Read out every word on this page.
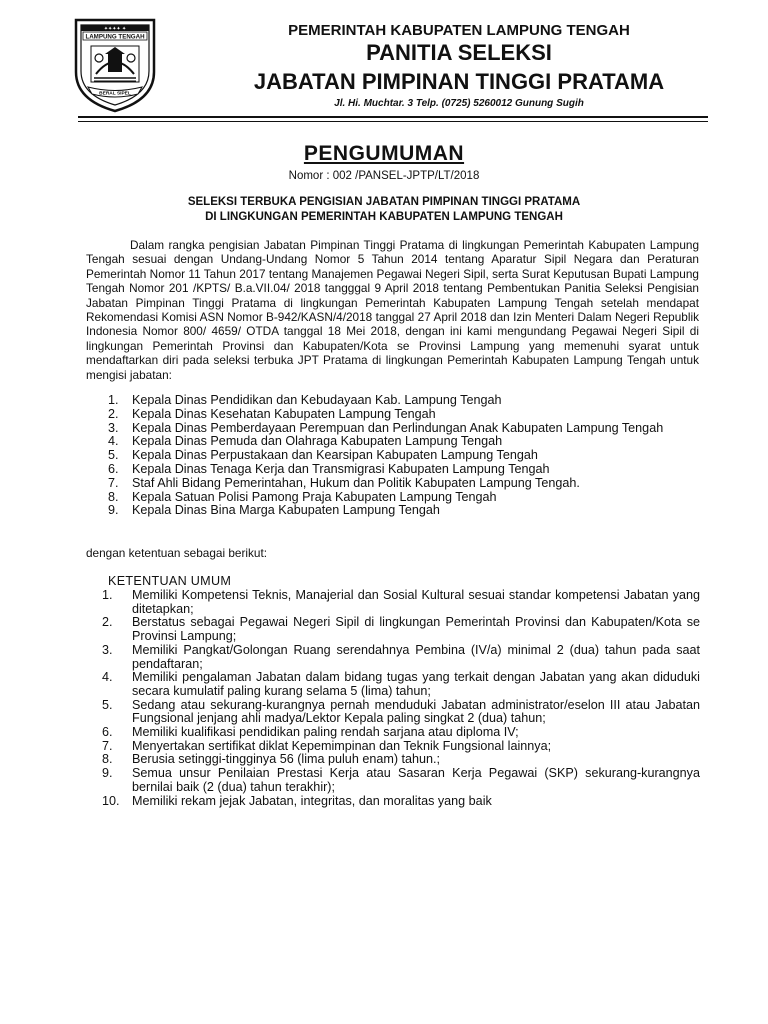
✦✦✦✦ ✦
LAMPUNG TENGAH
BERAL SIPEL
PEMERINTAH KABUPATEN LAMPUNG TENGAH
PANITIA SELEKSI
JABATAN PIMPINAN TINGGI PRATAMA
Jl. Hi. Muchtar. 3 Telp. (0725) 5260012 Gunung Sugih
PENGUMUMAN
Nomor : 002 /PANSEL-JPTP/LT/2018
SELEKSI TERBUKA PENGISIAN JABATAN PIMPINAN TINGGI PRATAMA
DI LINGKUNGAN PEMERINTAH KABUPATEN LAMPUNG TENGAH
Dalam rangka pengisian Jabatan Pimpinan Tinggi Pratama di lingkungan Pemerintah Kabupaten Lampung Tengah sesuai dengan Undang-Undang Nomor 5 Tahun 2014 tentang Aparatur Sipil Negara dan Peraturan Pemerintah Nomor 11 Tahun 2017 tentang Manajemen Pegawai Negeri Sipil, serta Surat Keputusan Bupati Lampung Tengah Nomor 201 /KPTS/ B.a.VII.04/ 2018 tangggal 9 April 2018 tentang Pembentukan Panitia Seleksi Pengisian Jabatan Pimpinan Tinggi Pratama di lingkungan Pemerintah Kabupaten Lampung Tengah setelah mendapat Rekomendasi Komisi ASN Nomor B-942/KASN/4/2018 tanggal 27 April 2018 dan Izin Menteri Dalam Negeri Republik Indonesia Nomor 800/ 4659/ OTDA tanggal 18 Mei 2018, dengan ini kami mengundang Pegawai Negeri Sipil di lingkungan Pemerintah Provinsi dan Kabupaten/Kota se Provinsi Lampung yang memenuhi syarat untuk mendaftarkan diri pada seleksi terbuka JPT Pratama di lingkungan Pemerintah Kabupaten Lampung Tengah untuk mengisi jabatan:
1.	Kepala Dinas Pendidikan dan Kebudayaan Kab. Lampung Tengah
2.	Kepala Dinas Kesehatan Kabupaten Lampung Tengah
3.	Kepala Dinas Pemberdayaan Perempuan dan Perlindungan Anak Kabupaten Lampung Tengah
4.	Kepala Dinas Pemuda dan Olahraga Kabupaten Lampung Tengah
5.	Kepala Dinas Perpustakaan dan Kearsipan Kabupaten Lampung Tengah
6.	Kepala Dinas Tenaga Kerja dan Transmigrasi Kabupaten Lampung Tengah
7.	Staf Ahli Bidang Pemerintahan, Hukum dan Politik Kabupaten Lampung Tengah.
8.	Kepala Satuan Polisi Pamong Praja Kabupaten Lampung Tengah
9.	Kepala Dinas Bina Marga Kabupaten Lampung Tengah
dengan ketentuan sebagai berikut:
KETENTUAN UMUM
1.	Memiliki Kompetensi Teknis, Manajerial dan Sosial Kultural sesuai standar kompetensi Jabatan yang ditetapkan;
2.	Berstatus sebagai Pegawai Negeri Sipil di lingkungan Pemerintah Provinsi dan Kabupaten/Kota se Provinsi Lampung;
3.	Memiliki Pangkat/Golongan Ruang serendahnya Pembina (IV/a) minimal 2 (dua) tahun pada saat pendaftaran;
4.	Memiliki pengalaman Jabatan dalam bidang tugas yang terkait dengan Jabatan yang akan diduduki secara kumulatif paling kurang selama 5 (lima) tahun;
5.	Sedang atau sekurang-kurangnya pernah menduduki Jabatan administrator/eselon III atau Jabatan Fungsional jenjang ahli madya/Lektor Kepala paling singkat 2 (dua) tahun;
6.	Memiliki kualifikasi pendidikan paling rendah sarjana atau diploma IV;
7.	Menyertakan sertifikat diklat Kepemimpinan dan Teknik Fungsional lainnya;
8.	Berusia setinggi-tingginya 56 (lima puluh enam) tahun.;
9.	Semua unsur Penilaian Prestasi Kerja atau Sasaran Kerja Pegawai (SKP) sekurang-kurangnya bernilai baik (2 (dua) tahun terakhir);
10. Memiliki rekam jejak Jabatan, integritas, dan moralitas yang baik
